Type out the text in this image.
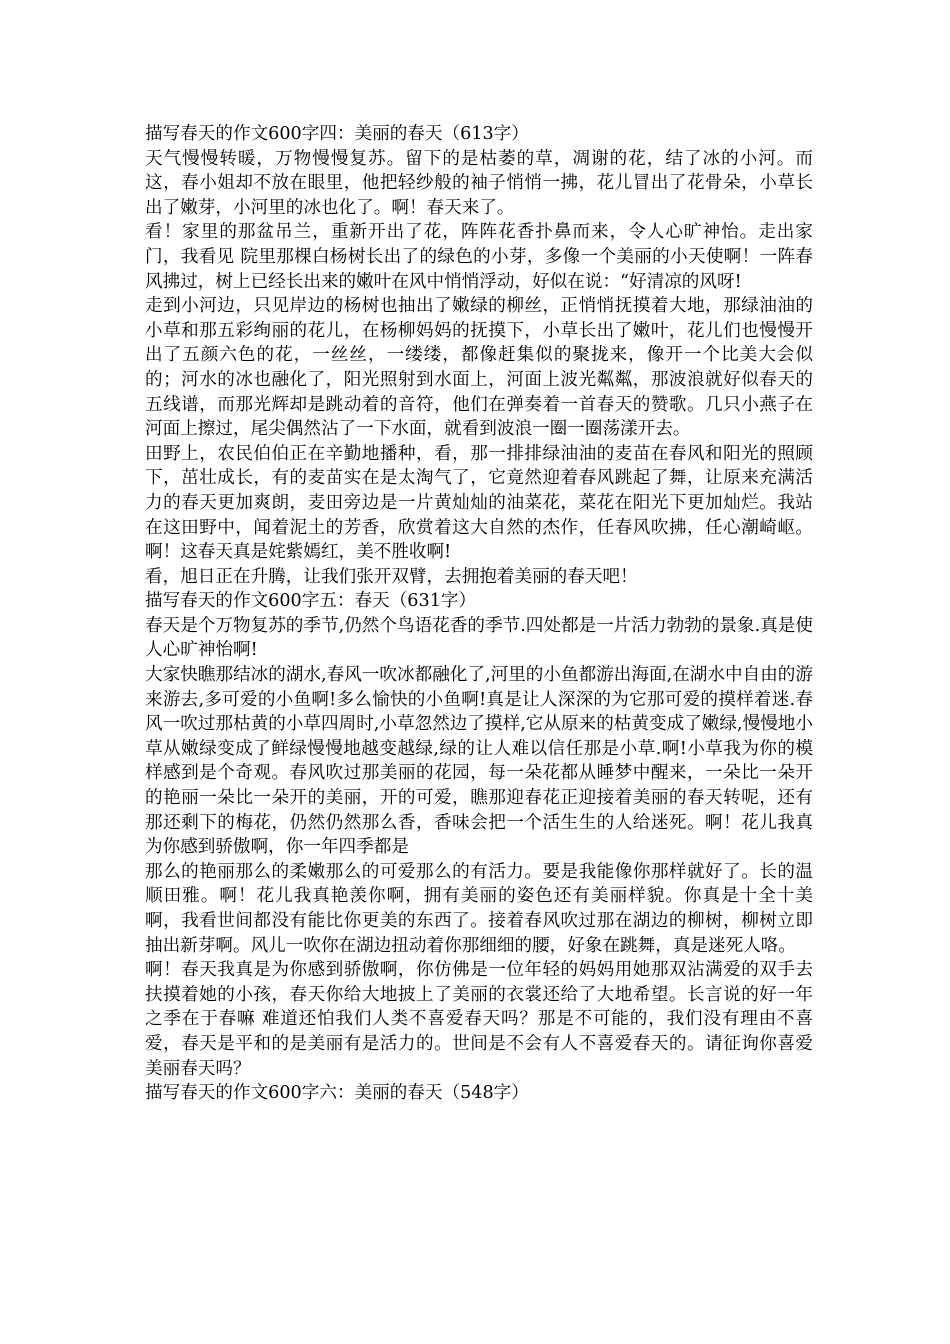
描写春天的作文600字四：美丽的春天（613字）

天气慢慢转暖，万物慢慢复苏。留下的是枯萎的草，凋谢的花，结了冰的小河。而这，春小姐却不放在眼里，他把轻纱般的袖子悄悄一拂，花儿冒出了花骨朵，小草长出了嫩芽，小河里的冰也化了。啊！春天来了。

看！家里的那盆吊兰，重新开出了花，阵阵花香扑鼻而来，令人心旷神怡。走出家门，我看见 院里那棵白杨树长出了的绿色的小芽，多像一个美丽的小天使啊！一阵春风拂过，树上已经长出来的嫩叶在风中悄悄浮动，好似在说：“好清凉的风呀!

走到小河边，只见岸边的杨树也抽出了嫩绿的柳丝，正悄悄抚摸着大地，那绿油油的小草和那五彩绚丽的花儿，在杨柳妈妈的抚摸下，小草长出了嫩叶，花儿们也慢慢开出了五颜六色的花，一丝丝，一缕缕，都像赶集似的聚拢来，像开一个比美大会似的；河水的冰也融化了，阳光照射到水面上，河面上波光粼粼，那波浪就好似春天的五线谱，而那光辉却是跳动着的音符，他们在弹奏着一首春天的赞歌。几只小燕子在河面上擦过，尾尖偶然沾了一下水面，就看到波浪一圈一圈荡漾开去。

田野上，农民伯伯正在辛勤地播种，看，那一排排绿油油的麦苗在春风和阳光的照顾下，茁壮成长，有的麦苗实在是太淘气了，它竟然迎着春风跳起了舞，让原来充满活力的春天更加爽朗，麦田旁边是一片黄灿灿的油菜花，菜花在阳光下更加灿烂。我站在这田野中，闻着泥土的芳香，欣赏着这大自然的杰作，任春风吹拂，任心潮崎岖。啊！这春天真是姹紫嫣红，美不胜收啊!

看，旭日正在升腾，让我们张开双臂，去拥抱着美丽的春天吧！

描写春天的作文600字五：春天（631字）

春天是个万物复苏的季节,仍然个鸟语花香的季节.四处都是一片活力勃勃的景象.真是使人心旷神怡啊!

大家快瞧那结冰的湖水,春风一吹冰都融化了,河里的小鱼都游出海面,在湖水中自由的游来游去,多可爱的小鱼啊!多么愉快的小鱼啊!真是让人深深的为它那可爱的摸样着迷.春风一吹过那枯黄的小草四周时,小草忽然边了摸样,它从原来的枯黄变成了嫩绿,慢慢地小草从嫩绿变成了鲜绿慢慢地越变越绿,绿的让人难以信任那是小草.啊!小草我为你的模样感到是个奇观。春风吹过那美丽的花园，每一朵花都从睡梦中醒来，一朵比一朵开的艳丽一朵比一朵开的美丽，开的可爱，瞧那迎春花正迎接着美丽的春天转呢，还有那还剩下的梅花，仍然仍然那么香，香味会把一个活生生的人给迷死。啊！花儿我真为你感到骄傲啊，你一年四季都是

那么的艳丽那么的柔嫩那么的可爱那么的有活力。要是我能像你那样就好了。长的温顺田雅。啊！花儿我真艳羡你啊，拥有美丽的姿色还有美丽样貌。你真是十全十美啊，我看世间都没有能比你更美的东西了。接着春风吹过那在湖边的柳树，柳树立即抽出新芽啊。风儿一吹你在湖边扭动着你那细细的腰，好象在跳舞，真是迷死人咯。

啊！春天我真是为你感到骄傲啊，你仿佛是一位年轻的妈妈用她那双沾满爱的双手去扶摸着她的小孩，春天你给大地披上了美丽的衣裳还给了大地希望。长言说的好一年之季在于春嘛 难道还怕我们人类不喜爱春天吗？那是不可能的，我们没有理由不喜爱，春天是平和的是美丽有是活力的。世间是不会有人不喜爱春天的。请征询你喜爱美丽春天吗？

描写春天的作文600字六：美丽的春天（548字）
